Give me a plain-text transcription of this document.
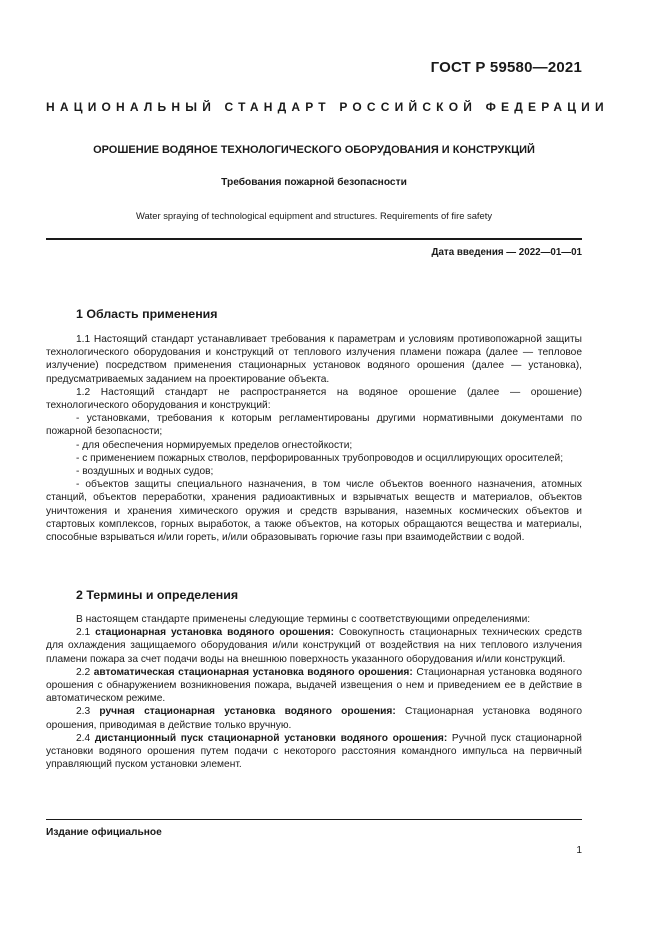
ГОСТ Р 59580—2021
НАЦИОНАЛЬНЫЙ СТАНДАРТ РОССИЙСКОЙ ФЕДЕРАЦИИ
ОРОШЕНИЕ ВОДЯНОЕ ТЕХНОЛОГИЧЕСКОГО ОБОРУДОВАНИЯ И КОНСТРУКЦИЙ
Требования пожарной безопасности
Water spraying of technological equipment and structures. Requirements of fire safety
Дата введения — 2022—01—01
1 Область применения

1.1 Настоящий стандарт устанавливает требования к параметрам и условиям противопожарной защиты технологического оборудования и конструкций от теплового излучения пламени пожара (далее — тепловое излучение) посредством применения стационарных установок водяного орошения (далее — установка), предусматриваемых заданием на проектирование объекта.

1.2 Настоящий стандарт не распространяется на водяное орошение (далее — орошение) технологического оборудования и конструкций:

- установками, требования к которым регламентированы другими нормативными документами по пожарной безопасности;

- для обеспечения нормируемых пределов огнестойкости;

- с применением пожарных стволов, перфорированных трубопроводов и осциллирующих оросителей;

- воздушных и водных судов;

- объектов защиты специального назначения, в том числе объектов военного назначения, атомных станций, объектов переработки, хранения радиоактивных и взрывчатых веществ и материалов, объектов уничтожения и хранения химического оружия и средств взрывания, наземных космических объектов и стартовых комплексов, горных выработок, а также объектов, на которых обращаются вещества и материалы, способные взрываться и/или гореть, и/или образовывать горючие газы при взаимодействии с водой.

2 Термины и определения

В настоящем стандарте применены следующие термины с соответствующими определениями:

2.1 стационарная установка водяного орошения: Совокупность стационарных технических средств для охлаждения защищаемого оборудования и/или конструкций от воздействия на них теплового излучения пламени пожара за счет подачи воды на внешнюю поверхность указанного оборудования и/или конструкций.

2.2 автоматическая стационарная установка водяного орошения: Стационарная установка водяного орошения с обнаружением возникновения пожара, выдачей извещения о нем и приведением ее в действие в автоматическом режиме.

2.3 ручная стационарная установка водяного орошения: Стационарная установка водяного орошения, приводимая в действие только вручную.

2.4 дистанционный пуск стационарной установки водяного орошения: Ручной пуск стационарной установки водяного орошения путем подачи с некоторого расстояния командного импульса на первичный управляющий пуском установки элемент.

Издание официальное
1
